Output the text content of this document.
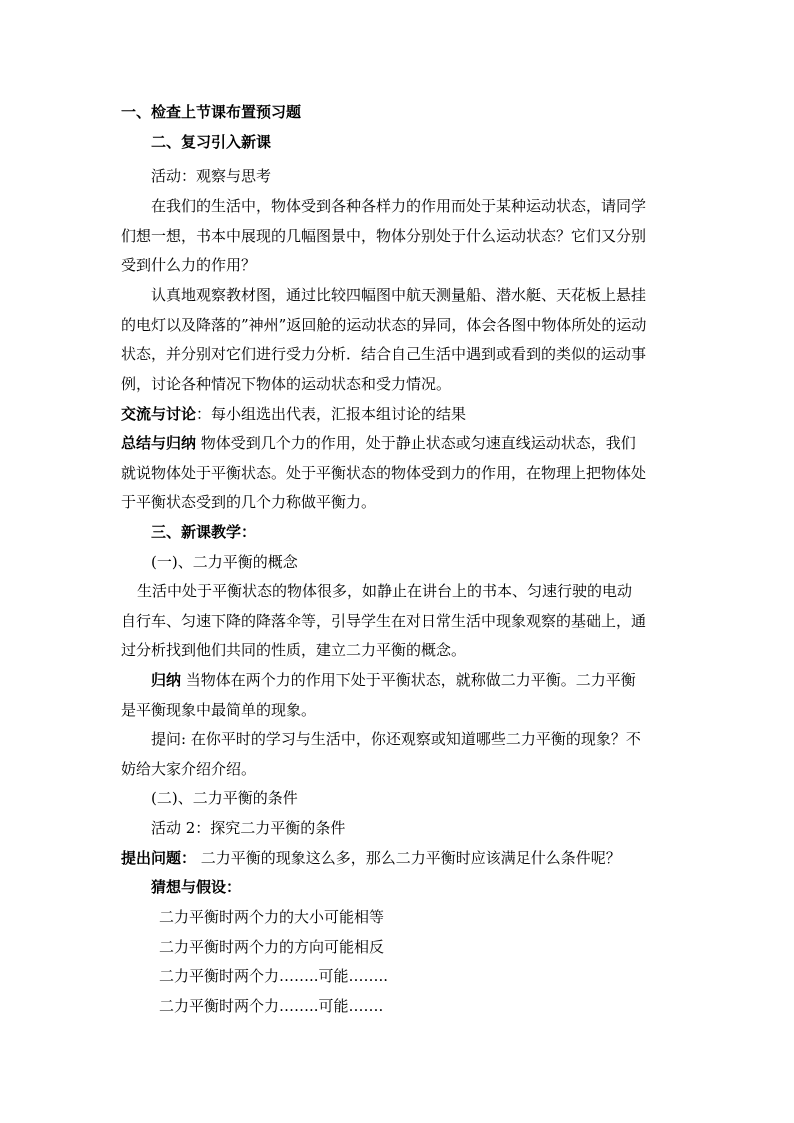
一、检查上节课布置预习题
二、复习引入新课
活动：观察与思考
在我们的生活中，物体受到各种各样力的作用而处于某种运动状态，请同学
们想一想，书本中展现的几幅图景中，物体分别处于什么运动状态？它们又分别
受到什么力的作用？
认真地观察教材图，通过比较四幅图中航天测量船、潜水艇、天花板上悬挂
的电灯以及降落的”神州”返回舱的运动状态的异同，体会各图中物体所处的运动
状态，并分别对它们进行受力分析．结合自己生活中遇到或看到的类似的运动事
例，讨论各种情况下物体的运动状态和受力情况。
交流与讨论：每小组选出代表，汇报本组讨论的结果
总结与归纳 物体受到几个力的作用，处于静止状态或匀速直线运动状态，我们
就说物体处于平衡状态。处于平衡状态的物体受到力的作用，在物理上把物体处
于平衡状态受到的几个力称做平衡力。
三、新课教学：
(一)、二力平衡的概念
生活中处于平衡状态的物体很多，如静止在讲台上的书本、匀速行驶的电动
自行车、匀速下降的降落伞等，引导学生在对日常生活中现象观察的基础上，通
过分析找到他们共同的性质，建立二力平衡的概念。
归纳 当物体在两个力的作用下处于平衡状态，就称做二力平衡。二力平衡
是平衡现象中最简单的现象。
提问: 在你平时的学习与生活中，你还观察或知道哪些二力平衡的现象？不
妨给大家介绍介绍。
(二)、二力平衡的条件
活动 2：探究二力平衡的条件
提出问题： 二力平衡的现象这么多，那么二力平衡时应该满足什么条件呢？
猜想与假设：
二力平衡时两个力的大小可能相等
二力平衡时两个力的方向可能相反
二力平衡时两个力……..可能……..
二力平衡时两个力……..可能…….
